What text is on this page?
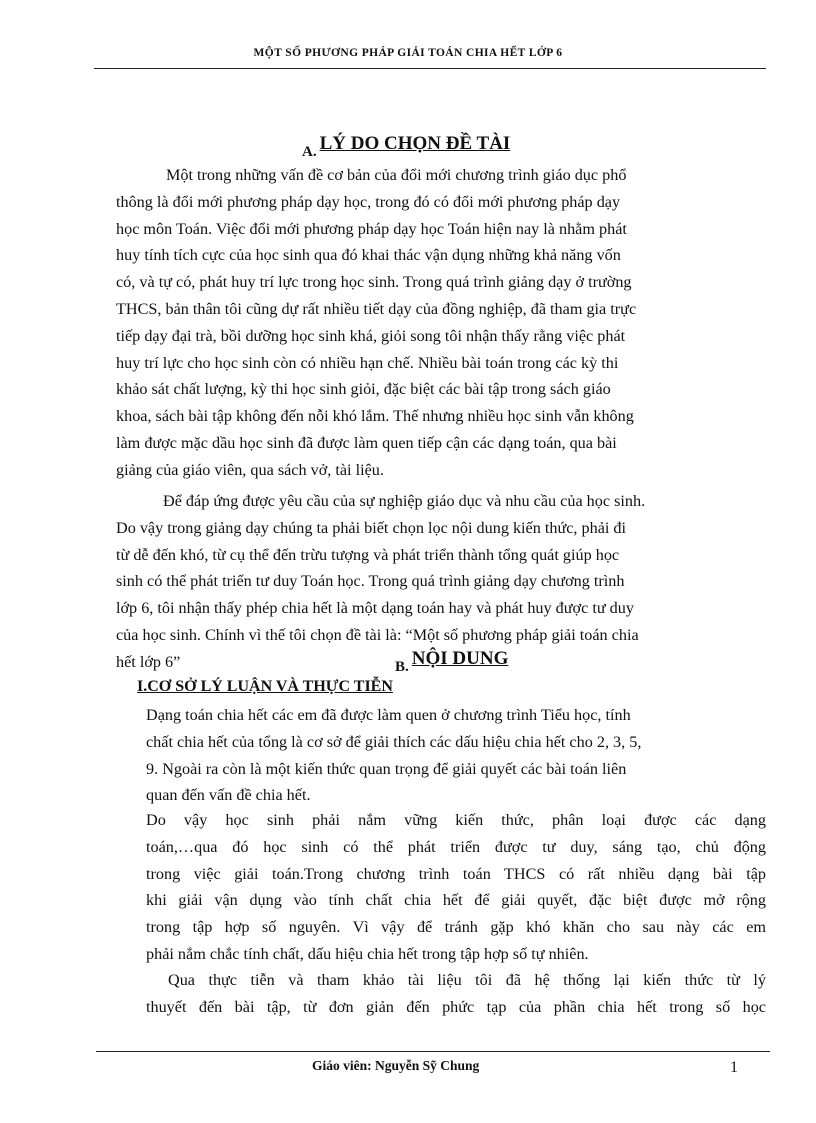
MỘT SỐ PHƯƠNG PHÁP GIẢI TOÁN CHIA HẾT LỚP 6
$_{A.}$ LÝ DO CHỌN ĐỀ TÀI
Một trong những vấn đề cơ bản của đổi mới chương trình giáo dục phổ
thông là đổi mới phương pháp dạy học, trong đó có đổi mới phương pháp dạy
học môn Toán. Việc đổi mới phương pháp dạy học Toán hiện nay là nhằm phát
huy tính tích cực của học sinh qua đó khai thác vận dụng những khả năng vốn
có, và tự có, phát huy trí lực trong học sinh. Trong quá trình giảng dạy ở trường
THCS, bản thân tôi cũng dự rất nhiều tiết dạy của đồng nghiệp, đã tham gia trực
tiếp dạy đại trà, bồi dưỡng học sinh khá, giỏi song tôi nhận thấy rằng việc phát
huy trí lực cho học sinh còn có nhiều hạn chế. Nhiều bài toán trong các kỳ thi
khảo sát chất lượng, kỳ thi học sinh giỏi, đặc biệt các bài tập trong sách giáo
khoa, sách bài tập không đến nỗi khó lắm. Thế nhưng nhiều học sinh vẫn không
làm được mặc dầu học sinh đã được làm quen tiếp cận các dạng toán, qua bài
giảng của giáo viên, qua sách vở, tài liệu.
Để đáp ứng được yêu cầu của sự nghiệp giáo dục và nhu cầu của học sinh.
Do vậy trong giảng dạy chúng ta phải biết chọn lọc nội dung kiến thức, phải đi
từ dễ đến khó, từ cụ thể đến trừu tượng và phát triển thành tổng quát giúp học
sinh có thể phát triển tư duy Toán học. Trong quá trình giảng dạy chương trình
lớp 6, tôi nhận thấy phép chia hết là một dạng toán hay và phát huy được tư duy
của học sinh. Chính vì thế tôi chọn đề tài là: “Một số phương pháp giải toán chia
hết lớp 6”	$_{B.}$ NỘI DUNG
I.CƠ SỞ LÝ LUẬN VÀ THỰC TIỄN
Dạng toán chia hết các em đã được làm quen ở chương trình Tiểu học, tính
chất chia hết của tổng là cơ sở để giải thích các dấu hiệu chia hết cho 2, 3, 5,
9. Ngoài ra còn là một kiến thức quan trọng để giải quyết các bài toán liên
quan đến vấn đề chia hết.
Do vậy học sinh phải nắm vững kiến thức, phân loại được các dạng
toán,…qua đó học sinh có thể phát triển được tư duy, sáng tạo, chủ động
trong việc giải toán.Trong chương trình toán THCS có rất nhiều dạng bài tập
khi giải vận dụng vào tính chất chia hết để giải quyết, đặc biệt được mở rộng
trong tập hợp số nguyên. Vì vậy để tránh gặp khó khăn cho sau này các em
phải nắm chắc tính chất, dấu hiệu chia hết trong tập hợp số tự nhiên.
Qua thực tiễn và tham khảo tài liệu tôi đã hệ thống lại kiến thức từ lý
thuyết đến bài tập, từ đơn giản đến phức tạp của phần chia hết trong số học
Giáo viên: Nguyễn Sỹ Chung	1
